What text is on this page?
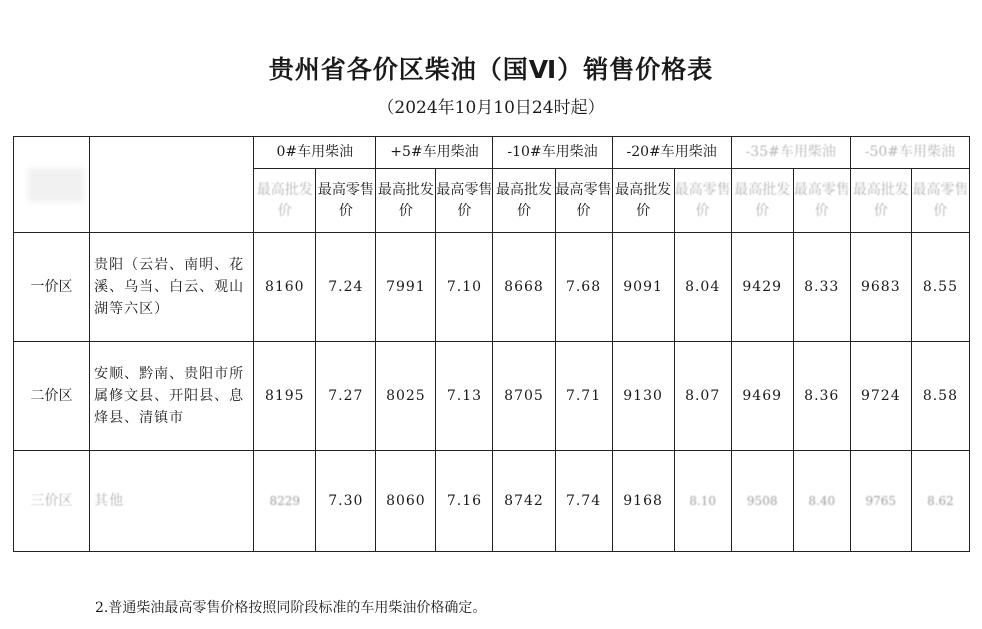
贵州省各价区柴油（国Ⅵ）销售价格表
（2024年10月10日24时起）
		0#车用柴油		+5#车用柴油		-10#车用柴油		-20#车用柴油		-35#车用柴油		-50#车用柴油	
		最高批发价	最高零售价	最高批发价	最高零售价	最高批发价	最高零售价	最高批发价	最高零售价	最高批发价	最高零售价	最高批发价	最高零售价
一价区	贵阳（云岩、南明、花溪、乌当、白云、观山湖等六区）	8160	7.24	7991	7.10	8668	7.68	9091	8.04	9429	8.33	9683	8.55
二价区	安顺、黔南、贵阳市所属修文县、开阳县、息烽县、清镇市	8195	7.27	8025	7.13	8705	7.71	9130	8.07	9469	8.36	9724	8.58
三价区	其他	8229	7.30	8060	7.16	8742	7.74	9168	8.10	9508	8.40	9765	8.62
2.普通柴油最高零售价格按照同阶段标准的车用柴油价格确定。
